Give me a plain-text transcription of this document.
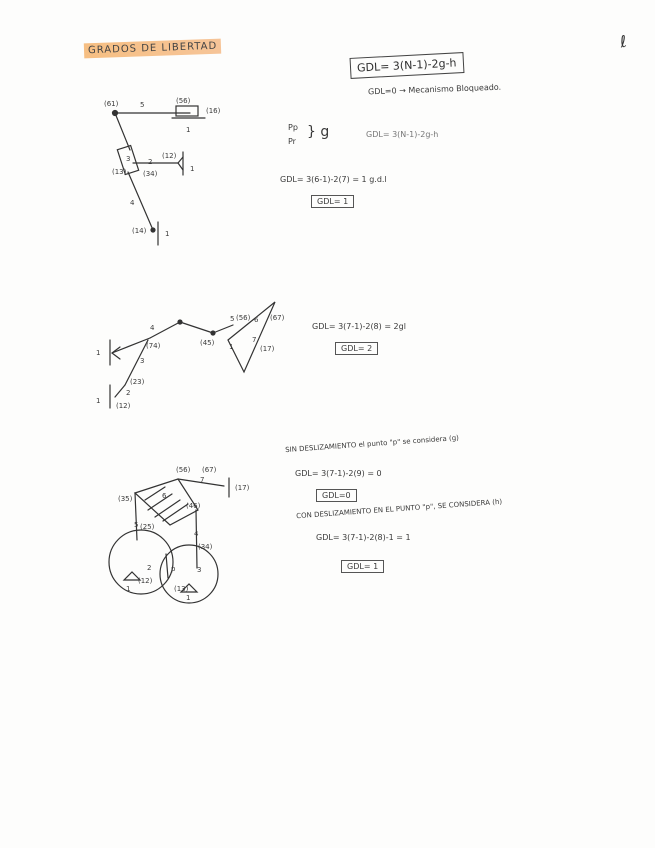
GRADOS DE LIBERTAD	ℓ
GDL= 3(N-1)-2g-h
GDL=0 → Mecanismo Bloqueado.
Pp
Pr
} g	GDL= 3(N-1)-2g-h
GDL= 3(6-1)-2(7) = 1 g.d.l
GDL= 1
GDL= 3(7-1)-2(8) = 2gl
GDL= 2
SIN DESLIZAMIENTO el punto "p" se considera (g)
GDL= 3(7-1)-2(9) = 0
GDL=0
CON DESLIZAMIENTO EN EL PUNTO "p", SE CONSIDERA (h)
GDL= 3(7-1)-2(8)-1 = 1
GDL= 1
(61)	5	(56)
(16)
1
3
(13)
2
(12)
(34)
1
4
(14)	1
4
(74)
1
3
(23)
2
(12)
1
(45)
5 (56) 6 (67)
7
(17)
1
(56) (67)
7
(17)
(46)
6
(35)
5 (25)
4
(34)
2	p	3
(12)
1	(13)
1
